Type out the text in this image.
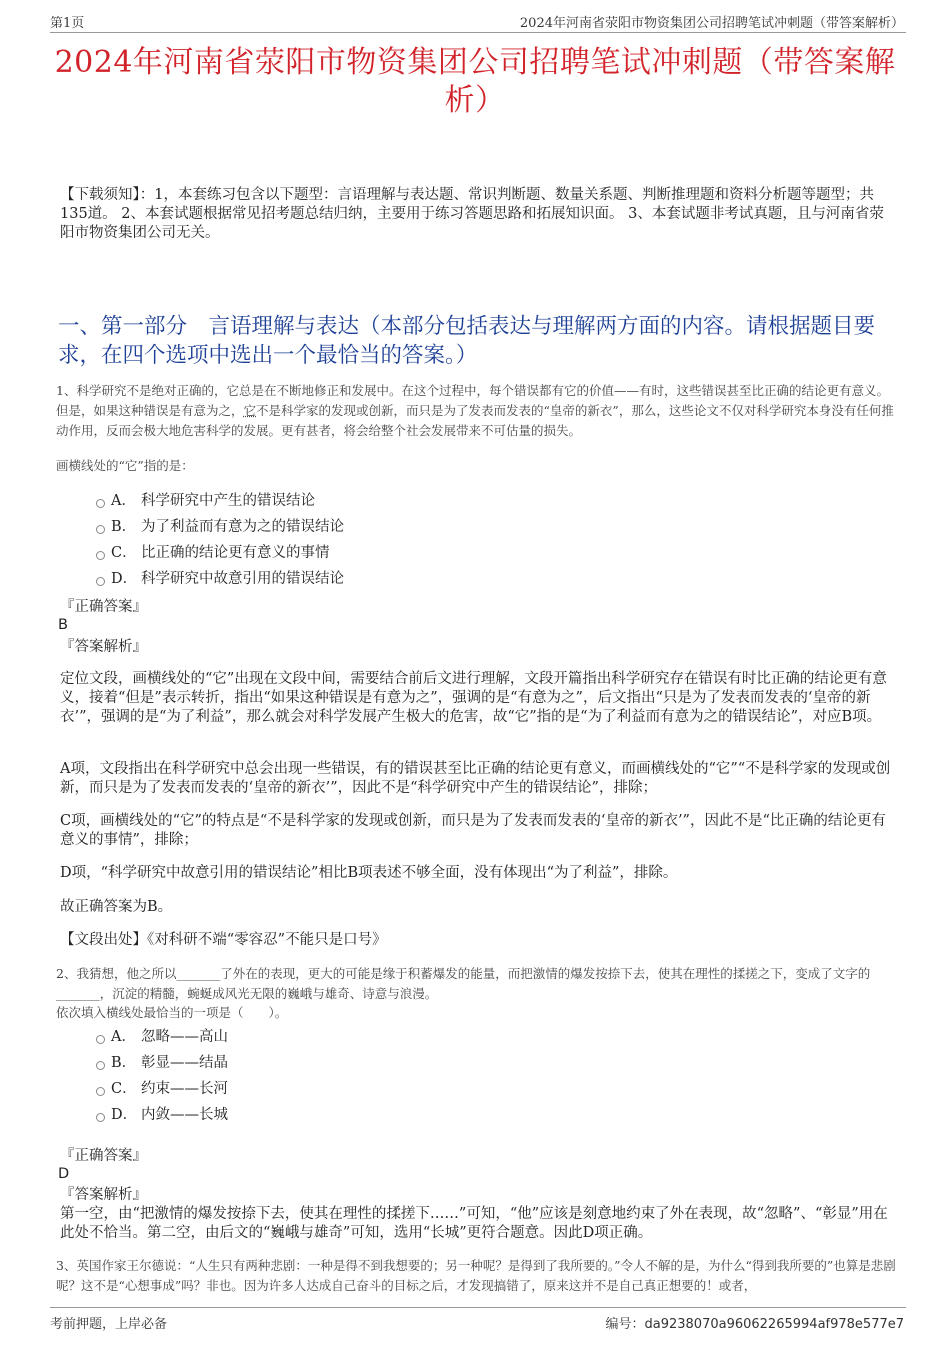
第1页	2024年河南省荥阳市物资集团公司招聘笔试冲刺题（带答案解析）
2024年河南省荥阳市物资集团公司招聘笔试冲刺题（带答案解析）
【下载须知】：1，本套练习包含以下题型：言语理解与表达题、常识判断题、数量关系题、判断推理题和资料分析题等题型；共135道。 2、本套试题根据常见招考题总结归纳，主要用于练习答题思路和拓展知识面。 3、本套试题非考试真题，且与河南省荥阳市物资集团公司无关。
一、第一部分　言语理解与表达（本部分包括表达与理解两方面的内容。请根据题目要求，在四个选项中选出一个最恰当的答案。）
1、科学研究不是绝对正确的，它总是在不断地修正和发展中。在这个过程中，每个错误都有它的价值——有时，这些错误甚至比正确的结论更有意义。但是，如果这种错误是有意为之，它不是科学家的发现或创新，而只是为了发表而发表的“皇帝的新衣”，那么，这些论文不仅对科学研究本身没有任何推动作用，反而会极大地危害科学的发展。更有甚者，将会给整个社会发展带来不可估量的损失。
画横线处的“它”指的是：
A． 科学研究中产生的错误结论
B． 为了利益而有意为之的错误结论
C． 比正确的结论更有意义的事情
D． 科学研究中故意引用的错误结论
『正确答案』
B
『答案解析』
定位文段，画横线处的“它”出现在文段中间，需要结合前后文进行理解，文段开篇指出科学研究存在错误有时比正确的结论更有意义，接着“但是”表示转折，指出“如果这种错误是有意为之”，强调的是“有意为之”，后文指出“只是为了发表而发表的‘皇帝的新衣’”，强调的是“为了利益”，那么就会对科学发展产生极大的危害，故“它”指的是“为了利益而有意为之的错误结论”，对应B项。
A项，文段指出在科学研究中总会出现一些错误，有的错误甚至比正确的结论更有意义，而画横线处的“它”“不是科学家的发现或创新，而只是为了发表而发表的‘皇帝的新衣’”，因此不是“科学研究中产生的错误结论”，排除；
C项，画横线处的“它”的特点是“不是科学家的发现或创新，而只是为了发表而发表的‘皇帝的新衣’”，因此不是“比正确的结论更有意义的事情”，排除；
D项，“科学研究中故意引用的错误结论”相比B项表述不够全面，没有体现出“为了利益”，排除。
故正确答案为B。
【文段出处】《对科研不端“零容忍”不能只是口号》
2、我猜想，他之所以_______了外在的表现，更大的可能是缘于积蓄爆发的能量，而把激情的爆发按捺下去，使其在理性的揉搓之下，变成了文字的_______，沉淀的精髓，蜿蜒成风光无限的巍峨与雄奇、诗意与浪漫。
依次填入横线处最恰当的一项是（　　）。
A． 忽略——高山
B． 彰显——结晶
C． 约束——长河
D． 内敛——长城
『正确答案』
D
『答案解析』
第一空，由“把激情的爆发按捺下去，使其在理性的揉搓下……”可知，“他”应该是刻意地约束了外在表现，故“忽略”、“彰显”用在此处不恰当。第二空，由后文的“巍峨与雄奇”可知，选用“长城”更符合题意。因此D项正确。
3、英国作家王尔德说：“人生只有两种悲剧：一种是得不到我想要的；另一种呢？是得到了我所要的。”令人不解的是，为什么“得到我所要的”也算是悲剧呢？这不是“心想事成”吗？非也。因为许多人达成自己奋斗的目标之后，才发现搞错了，原来这并不是自己真正想要的！或者，
考前押题，上岸必备	编号：da9238070a96062265994af978e577e7
